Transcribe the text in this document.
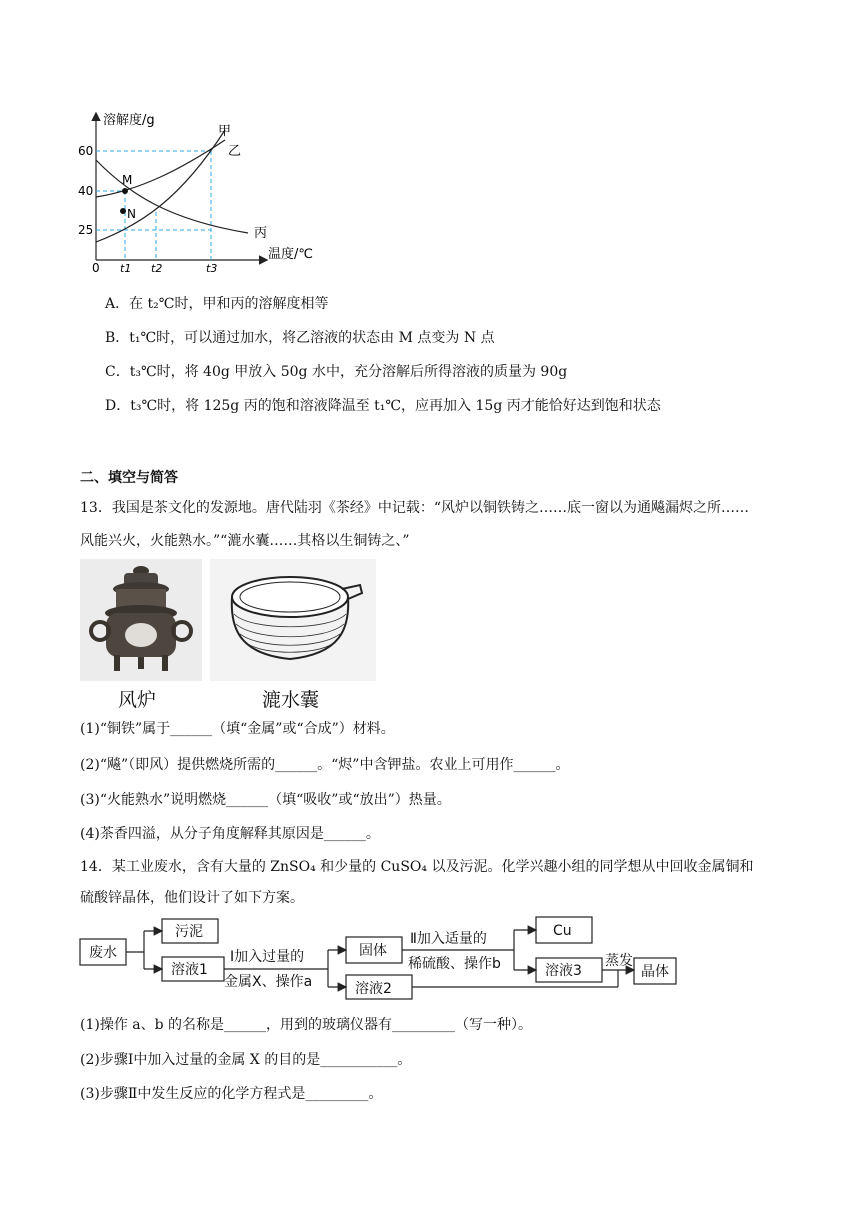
溶解度/g
温度/℃
60
40
25
0 t1 t2	t3
甲
乙
丙
M
N
A．在 t₂℃时，甲和丙的溶解度相等
B．t₁℃时，可以通过加水，将乙溶液的状态由 M 点变为 N 点
C．t₃℃时，将 40g 甲放入 50g 水中，充分溶解后所得溶液的质量为 90g
D．t₃℃时，将 125g 丙的饱和溶液降温至 t₁℃，应再加入 15g 丙才能恰好达到饱和状态
二、填空与简答
13．我国是茶文化的发源地。唐代陆羽《茶经》中记载：“风炉以铜铁铸之……底一窗以为通飚漏烬之所……
风能兴火，火能熟水。”“漉水囊……其格以生铜铸之、”
风炉	漉水囊
(1)“铜铁”属于______（填“金属”或“合成”）材料。
(2)“飚”（即风）提供燃烧所需的______。“烬”中含钾盐。农业上可用作______。
(3)“火能熟水”说明燃烧______（填“吸收”或“放出”）热量。
(4)茶香四溢，从分子角度解释其原因是______。
14．某工业废水，含有大量的 ZnSO₄ 和少量的 CuSO₄ 以及污泥。化学兴趣小组的同学想从中回收金属铜和
硫酸锌晶体，他们设计了如下方案。
废水
污泥
溶液1
Ⅰ加入过量的
金属X、操作a
固体
溶液2
Ⅱ加入适量的
稀硫酸、操作b
Cu
溶液3
蒸发
晶体
(1)操作 a、b 的名称是______，用到的玻璃仪器有_________（写一种）。
(2)步骤Ⅰ中加入过量的金属 X 的目的是___________。
(3)步骤Ⅱ中发生反应的化学方程式是_________。
